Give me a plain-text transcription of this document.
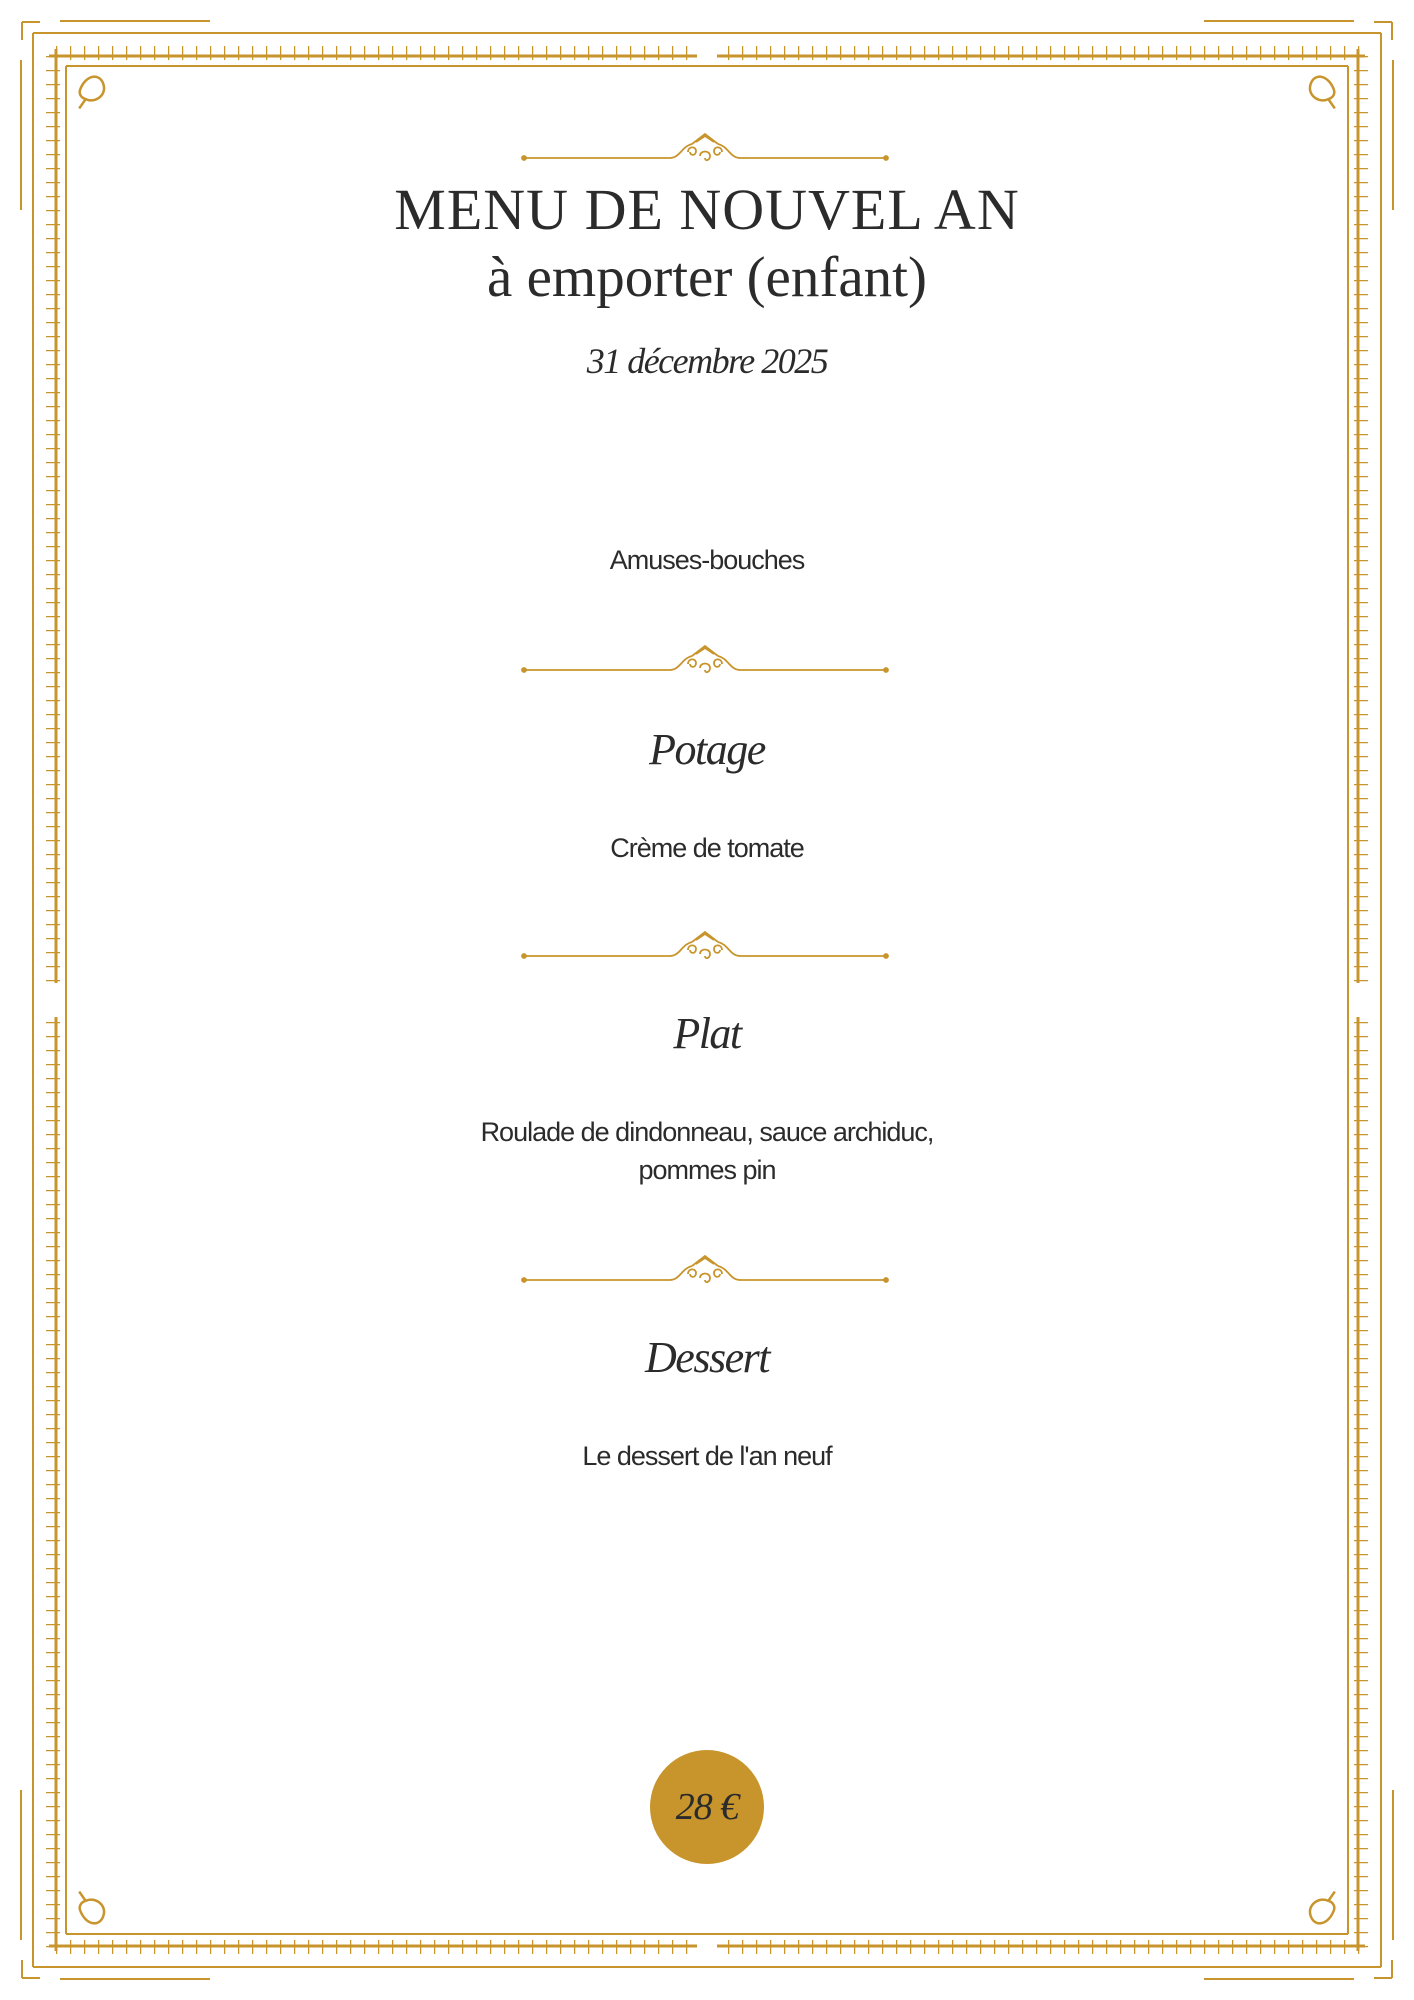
MENU DE NOUVEL AN
à emporter (enfant)
31 décembre 2025
Amuses-bouches
Potage
Crème de tomate
Plat
Roulade de dindonneau, sauce archiduc,
pommes pin
Dessert
Le dessert de l'an neuf
28 €
